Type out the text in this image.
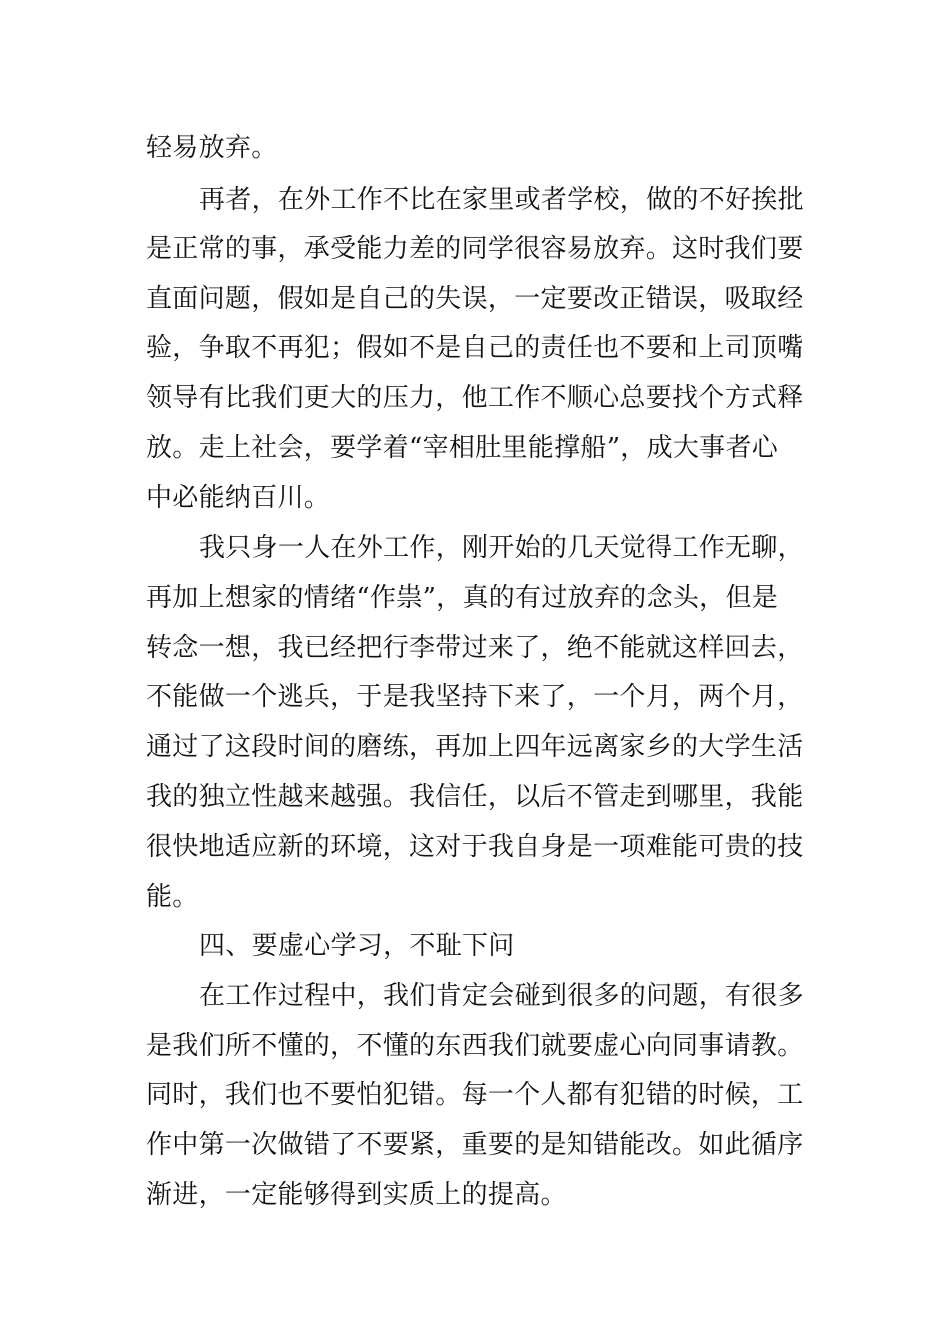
轻易放弃。
再者，在外工作不比在家里或者学校，做的不好挨批
是正常的事，承受能力差的同学很容易放弃。这时我们要
直面问题，假如是自己的失误，一定要改正错误，吸取经
验，争取不再犯；假如不是自己的责任也不要和上司顶嘴
领导有比我们更大的压力，他工作不顺心总要找个方式释
放。走上社会，要学着“宰相肚里能撑船”，成大事者心
中必能纳百川。
我只身一人在外工作，刚开始的几天觉得工作无聊，
再加上想家的情绪“作祟”，真的有过放弃的念头，但是
转念一想，我已经把行李带过来了，绝不能就这样回去，
不能做一个逃兵，于是我坚持下来了，一个月，两个月，
通过了这段时间的磨练，再加上四年远离家乡的大学生活
我的独立性越来越强。我信任，以后不管走到哪里，我能
很快地适应新的环境，这对于我自身是一项难能可贵的技
能。
四、要虚心学习，不耻下问
在工作过程中，我们肯定会碰到很多的问题，有很多
是我们所不懂的，不懂的东西我们就要虚心向同事请教。
同时，我们也不要怕犯错。每一个人都有犯错的时候，工
作中第一次做错了不要紧，重要的是知错能改。如此循序
渐进，一定能够得到实质上的提高。
